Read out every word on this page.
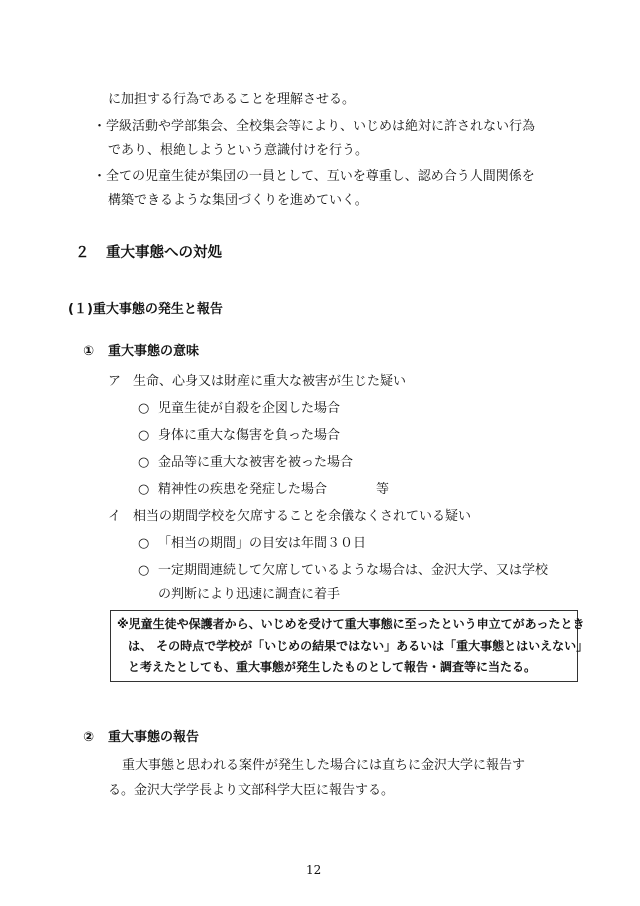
に加担する行為であることを理解させる。
・学級活動や学部集会、全校集会等により、いじめは絶対に許されない行為
であり、根絶しようという意識付けを行う。
・全ての児童生徒が集団の一員として、互いを尊重し、認め合う人間関係を
構築できるような集団づくりを進めていく。
２ 重大事態への対処
(１)重大事態の発生と報告
① 重大事態の意味
ア 生命、心身又は財産に重大な被害が生じた疑い
○ 児童生徒が自殺を企図した場合
○ 身体に重大な傷害を負った場合
○ 金品等に重大な被害を被った場合
○ 精神性の疾患を発症した場合	等
イ 相当の期間学校を欠席することを余儀なくされている疑い
○ 「相当の期間」の目安は年間３０日
○ 一定期間連続して欠席しているような場合は、金沢大学、又は学校
の判断により迅速に調査に着手
※児童生徒や保護者から、いじめを受けて重大事態に至ったという申立てがあったとき
は、 その時点で学校が「いじめの結果ではない」あるいは「重大事態とはいえない」
と考えたとしても、重大事態が発生したものとして報告・調査等に当たる。
② 重大事態の報告
重大事態と思われる案件が発生した場合には直ちに金沢大学に報告す
る。金沢大学学長より文部科学大臣に報告する。
12
